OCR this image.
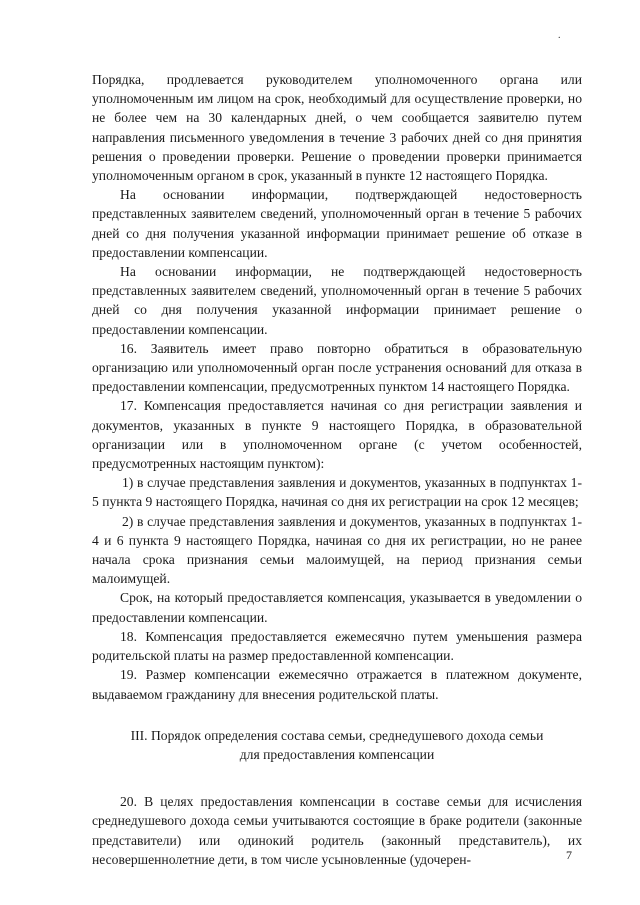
.

Порядка, продлевается руководителем уполномоченного органа или уполномоченным им лицом на срок, необходимый для осуществление проверки, но не более чем на 30 календарных дней, о чем сообщается заявителю путем направления письменного уведомления в течение 3 рабочих дней со дня принятия решения о проведении проверки. Решение о проведении проверки принимается уполномоченным органом в срок, указанный в пункте 12 настоящего Порядка.

На основании информации, подтверждающей недостоверность представленных заявителем сведений, уполномоченный орган в течение 5 рабочих дней со дня получения указанной информации принимает решение об отказе в предоставлении компенсации.

На основании информации, не подтверждающей недостоверность представленных заявителем сведений, уполномоченный орган в течение 5 рабочих дней со дня получения указанной информации принимает решение о предоставлении компенсации.

16. Заявитель имеет право повторно обратиться в образовательную организацию или уполномоченный орган после устранения оснований для отказа в предоставлении компенсации, предусмотренных пунктом 14 настоящего Порядка.

17. Компенсация предоставляется начиная со дня регистрации заявления и документов, указанных в пункте 9 настоящего Порядка, в образовательной организации или в уполномоченном органе (с учетом особенностей, предусмотренных настоящим пунктом):

1) в случае представления заявления и документов, указанных в подпунктах 1-5 пункта 9 настоящего Порядка, начиная со дня их регистрации на срок 12 месяцев;

2) в случае представления заявления и документов, указанных в подпунктах 1-4 и 6 пункта 9 настоящего Порядка, начиная со дня их регистрации, но не ранее начала срока признания семьи малоимущей, на период признания семьи малоимущей.

Срок, на который предоставляется компенсация, указывается в уведомлении о предоставлении компенсации.

18. Компенсация предоставляется ежемесячно путем уменьшения размера родительской платы на размер предоставленной компенсации.

19. Размер компенсации ежемесячно отражается в платежном документе, выдаваемом гражданину для внесения родительской платы.

III. Порядок определения состава семьи, среднедушевого дохода семьи
для предоставления компенсации

20. В целях предоставления компенсации в составе семьи для исчисления среднедушевого дохода семьи учитываются состоящие в браке родители (законные представители) или одинокий родитель (законный представитель), их несовершеннолетние дети, в том числе усыновленные (удочерен-	7
